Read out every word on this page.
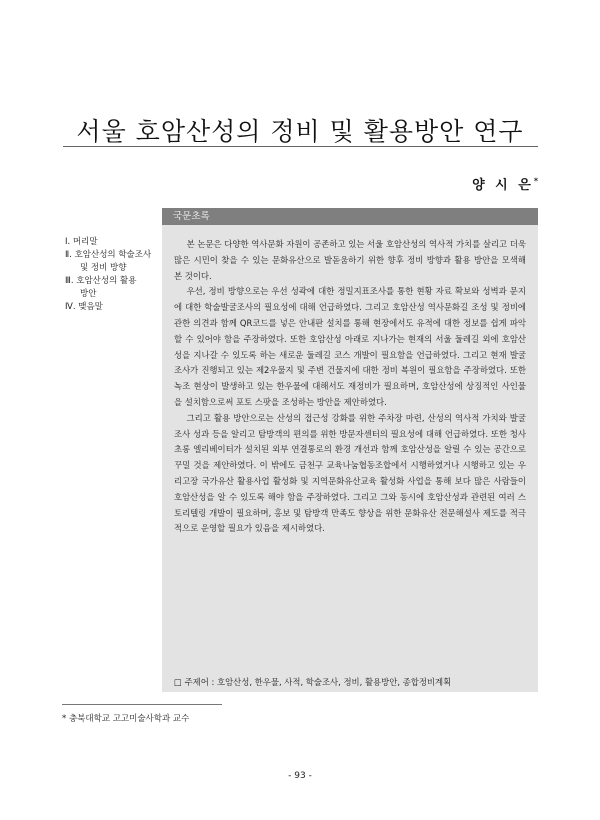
서울 호암산성의 정비 및 활용방안 연구
양 시 은*
Ⅰ. 머리말
Ⅱ. 호암산성의 학술조사
및 정비 방향
Ⅲ. 호암산성의 활용
방안
Ⅳ. 맺음말
국문초록

본 논문은 다양한 역사문화 자원이 공존하고 있는 서울 호암산성의 역사적 가치를 살리고 더욱 많은 시민이 찾을 수 있는 문화유산으로 발돋움하기 위한 향후 정비 방향과 활용 방안을 모색해 본 것이다.

우선, 정비 방향으로는 우선 성곽에 대한 정밀지표조사를 통한 현황 자료 확보와 성벽과 문지에 대한 학술발굴조사의 필요성에 대해 언급하였다. 그리고 호암산성 역사문화길 조성 및 정비에 관한 의견과 함께 QR코드를 넣은 안내판 설치를 통해 현장에서도 유적에 대한 정보를 쉽게 파악할 수 있어야 함을 주장하였다. 또한 호암산성 아래로 지나가는 현재의 서울 둘레길 외에 호암산성을 지나갈 수 있도록 하는 새로운 둘레길 코스 개발이 필요함을 언급하였다. 그리고 현재 발굴조사가 진행되고 있는 제2우물지 및 주변 건물지에 대한 정비 복원이 필요함을 주장하였다. 또한 녹조 현상이 발생하고 있는 한우물에 대해서도 재정비가 필요하며, 호암산성에 상징적인 사인물을 설치함으로써 포토 스팟을 조성하는 방안을 제안하였다.

그리고 활용 방안으로는 산성의 접근성 강화를 위한 주차장 마련, 산성의 역사적 가치와 발굴조사 성과 등을 알리고 탐방객의 편의를 위한 방문자센터의 필요성에 대해 언급하였다. 또한 청사초롱 엘리베이터가 설치된 외부 연결통로의 환경 개선과 함께 호암산성을 알릴 수 있는 공간으로 꾸밀 것을 제안하였다. 이 밖에도 금천구 교육나눔협동조합에서 시행하였거나 시행하고 있는 우리고장 국가유산 활용사업 활성화 및 지역문화유산교육 활성화 사업을 통해 보다 많은 사람들이 호암산성을 알 수 있도록 해야 함을 주장하였다. 그리고 그와 동시에 호암산성과 관련된 여러 스토리텔링 개발이 필요하며, 홍보 및 탐방객 만족도 향상을 위한 문화유산 전문해설사 제도를 적극적으로 운영할 필요가 있음을 제시하였다.

□ 주제어 : 호암산성, 한우물, 사적, 학술조사, 정비, 활용방안, 종합정비계획
* 충북대학교 고고미술사학과 교수
- 93 -
